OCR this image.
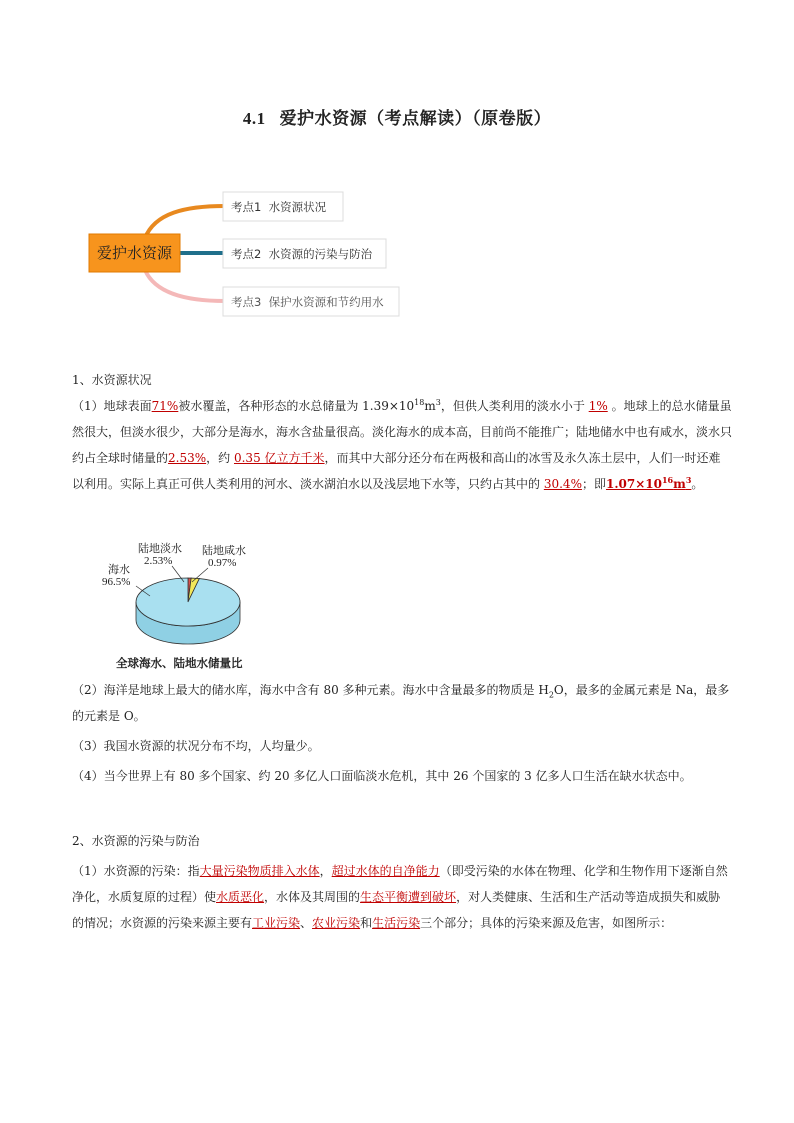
4.1 爱护水资源（考点解读）（原卷版）
爱护水资源
考点1  水资源状况
考点2  水资源的污染与防治
考点3  保护水资源和节约用水

1、水资源状况

（1）地球表面71%被水覆盖，各种形态的水总储量为 $1.39\times 10^{18}m^3$，但供人类利用的淡水小于 1% 。地球上的总水储量虽然很大，但淡水很少，大部分是海水，海水含盐量很高。淡化海水的成本高，目前尚不能推广；陆地储水中也有咸水，淡水只约占全球时储量的2.53%，约 0.35 亿立方千米，而其中大部分还分布在两极和高山的冰雪及永久冻土层中，人们一时还难以利用。实际上真正可供人类利用的河水、淡水湖泊水以及浅层地下水等，只约占其中的 30.4%；即$1.07\times 10^{16}m^3$。

陆地淡水
2.53%
陆地咸水
0.97%
海水
96.5%
全球海水、陆地水储量比

（2）海洋是地球上最大的储水库，海水中含有 80 多种元素。海水中含量最多的物质是 $H_2O$，最多的金属元素是 Na，最多的元素是 O。

（3）我国水资源的状况分布不均，人均量少。

（4）当今世界上有 80 多个国家、约 20 多亿人口面临淡水危机，其中 26 个国家的 3 亿多人口生活在缺水状态中。

2、水资源的污染与防治

（1）水资源的污染：指大量污染物质排入水体，超过水体的自净能力（即受污染的水体在物理、化学和生物作用下逐渐自然净化，水质复原的过程）使水质恶化，水体及其周围的生态平衡遭到破坏，对人类健康、生活和生产活动等造成损失和威胁的情况；水资源的污染来源主要有工业污染、农业污染和生活污染三个部分；具体的污染来源及危害，如图所示：
